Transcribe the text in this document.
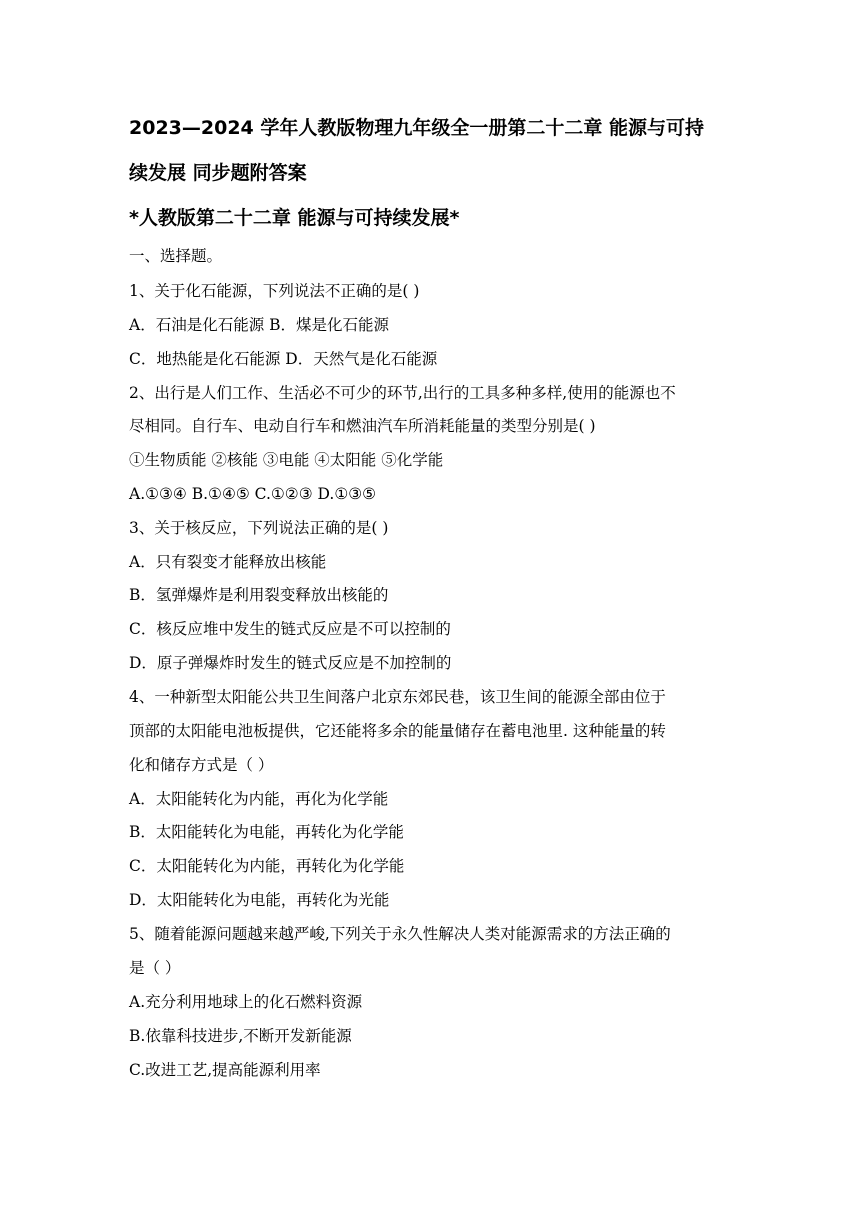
2023—2024 学年人教版物理九年级全一册第二十二章 能源与可持
续发展 同步题附答案
*人教版第二十二章 能源与可持续发展*
一、选择题。
1、关于化石能源，下列说法不正确的是( )
A．石油是化石能源 B．煤是化石能源
C．地热能是化石能源 D．天然气是化石能源
2、出行是人们工作、生活必不可少的环节,出行的工具多种多样,使用的能源也不
尽相同。自行车、电动自行车和燃油汽车所消耗能量的类型分别是( )
①生物质能 ②核能 ③电能 ④太阳能 ⑤化学能
A.①③④ B.①④⑤ C.①②③ D.①③⑤
3、关于核反应，下列说法正确的是( )
A．只有裂变才能释放出核能
B．氢弹爆炸是利用裂变释放出核能的
C．核反应堆中发生的链式反应是不可以控制的
D．原子弹爆炸时发生的链式反应是不加控制的
4、一种新型太阳能公共卫生间落户北京东郊民巷，该卫生间的能源全部由位于
顶部的太阳能电池板提供，它还能将多余的能量储存在蓄电池里. 这种能量的转
化和储存方式是（ ）
A．太阳能转化为内能，再化为化学能
B．太阳能转化为电能，再转化为化学能
C．太阳能转化为内能，再转化为化学能
D．太阳能转化为电能，再转化为光能
5、随着能源问题越来越严峻,下列关于永久性解决人类对能源需求的方法正确的
是（ ）
A.充分利用地球上的化石燃料资源
B.依靠科技进步,不断开发新能源
C.改进工艺,提高能源利用率
